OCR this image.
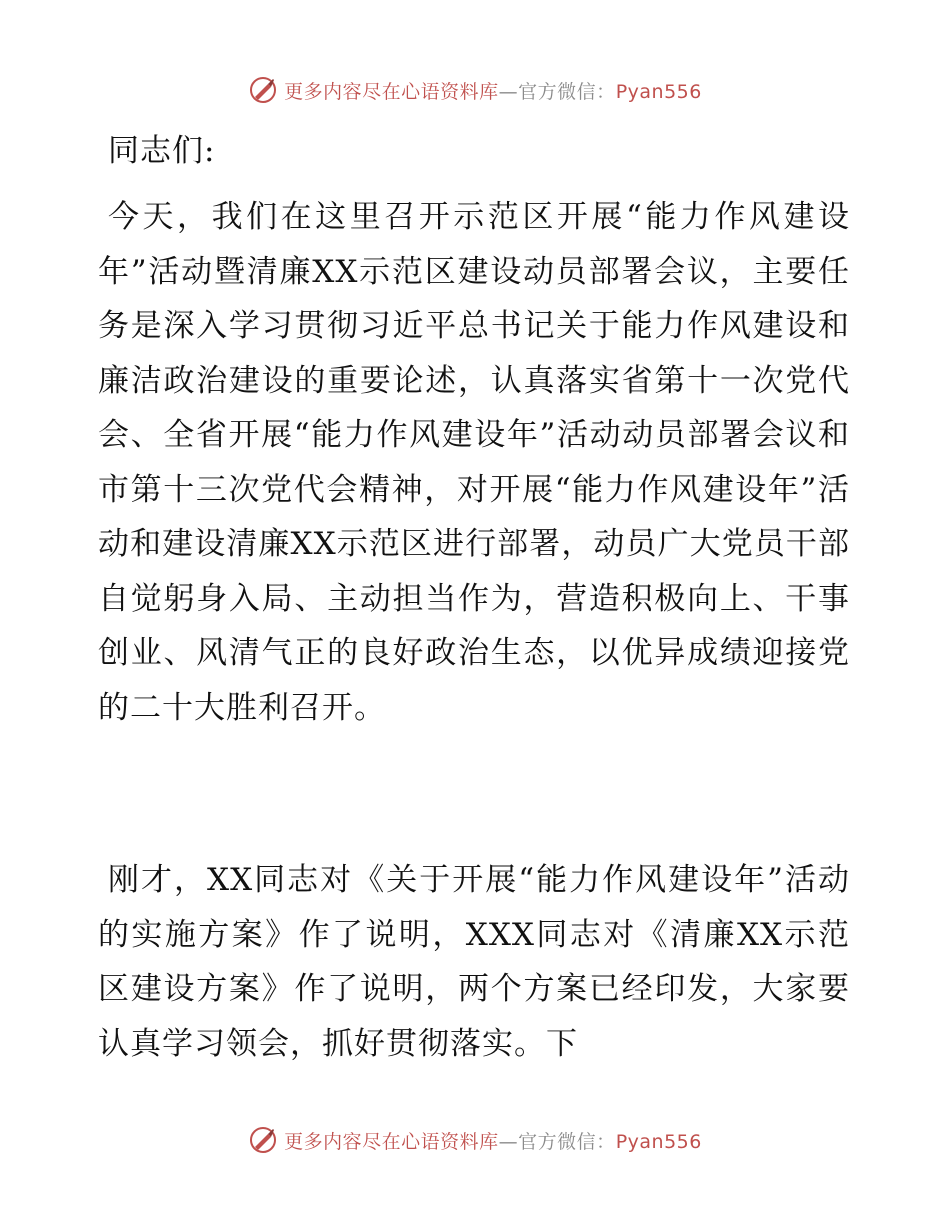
更多内容尽在心语资料库—官方微信：Pyan556

同志们:

今天，我们在这里召开示范区开展“能力作风建设年”活动暨清廉XX示范区建设动员部署会议，主要任务是深入学习贯彻习近平总书记关于能力作风建设和廉洁政治建设的重要论述，认真落实省第十一次党代会、全省开展“能力作风建设年”活动动员部署会议和市第十三次党代会精神，对开展“能力作风建设年”活动和建设清廉XX示范区进行部署，动员广大党员干部自觉躬身入局、主动担当作为，营造积极向上、干事创业、风清气正的良好政治生态，以优异成绩迎接党的二十大胜利召开。

刚才，XX同志对《关于开展“能力作风建设年”活动的实施方案》作了说明，XXX同志对《清廉XX示范区建设方案》作了说明，两个方案已经印发，大家要认真学习领会，抓好贯彻落实。下

更多内容尽在心语资料库—官方微信：Pyan556
